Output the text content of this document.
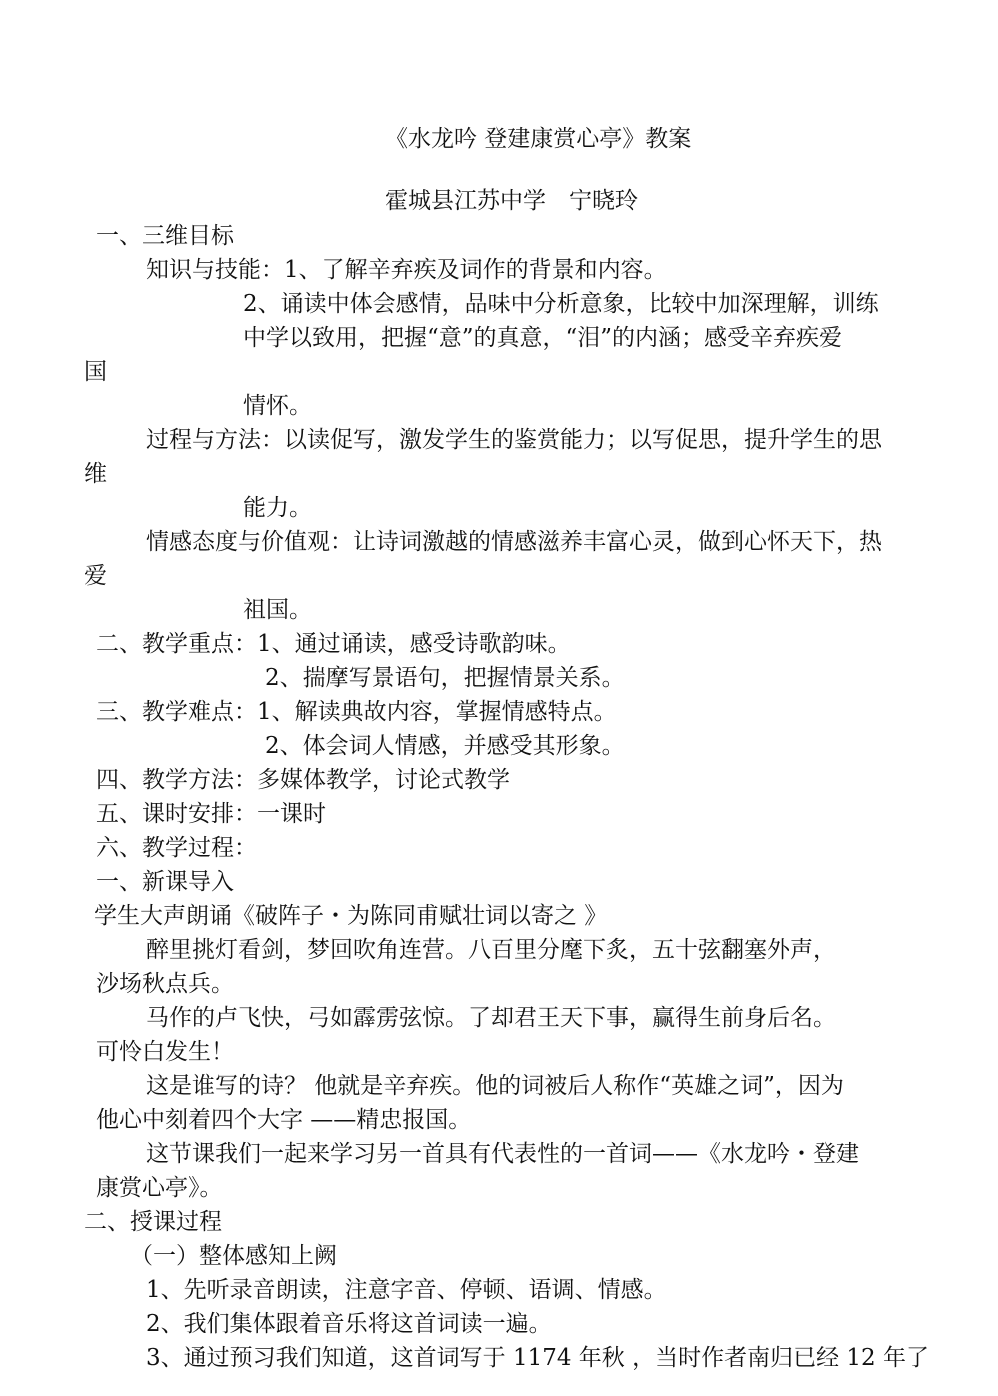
《水龙吟 登建康赏心亭》教案
霍城县江苏中学　宁晓玲
一、三维目标
知识与技能：1、了解辛弃疾及词作的背景和内容。
2、诵读中体会感情，品味中分析意象，比较中加深理解，训练
中学以致用，把握“意”的真意，“泪”的内涵；感受辛弃疾爱
国
情怀。
过程与方法：以读促写，激发学生的鉴赏能力；以写促思，提升学生的思
维
能力。
情感态度与价值观：让诗词激越的情感滋养丰富心灵，做到心怀天下，热
爱
祖国。
二、教学重点：1、通过诵读，感受诗歌韵味。
2、揣摩写景语句，把握情景关系。
三、教学难点：1、解读典故内容，掌握情感特点。
2、体会词人情感，并感受其形象。
四、教学方法：多媒体教学，讨论式教学
五、课时安排：一课时
六、教学过程：
一、新课导入
学生大声朗诵《破阵子・为陈同甫赋壮词以寄之 》
醉里挑灯看剑，梦回吹角连营。八百里分麾下炙，五十弦翻塞外声，
沙场秋点兵。
马作的卢飞快，弓如霹雳弦惊。了却君王天下事，赢得生前身后名。
可怜白发生！
这是谁写的诗？ 他就是辛弃疾。他的词被后人称作“英雄之词”，因为
他心中刻着四个大字 ——精忠报国。
这节课我们一起来学习另一首具有代表性的一首词——《水龙吟・登建
康赏心亭》。
二、授课过程
（一）整体感知上阙
1、先听录音朗读，注意字音、停顿、语调、情感。
2、我们集体跟着音乐将这首词读一遍。
3、通过预习我们知道，这首词写于 1174 年秋 ，当时作者南归已经 12 年了
